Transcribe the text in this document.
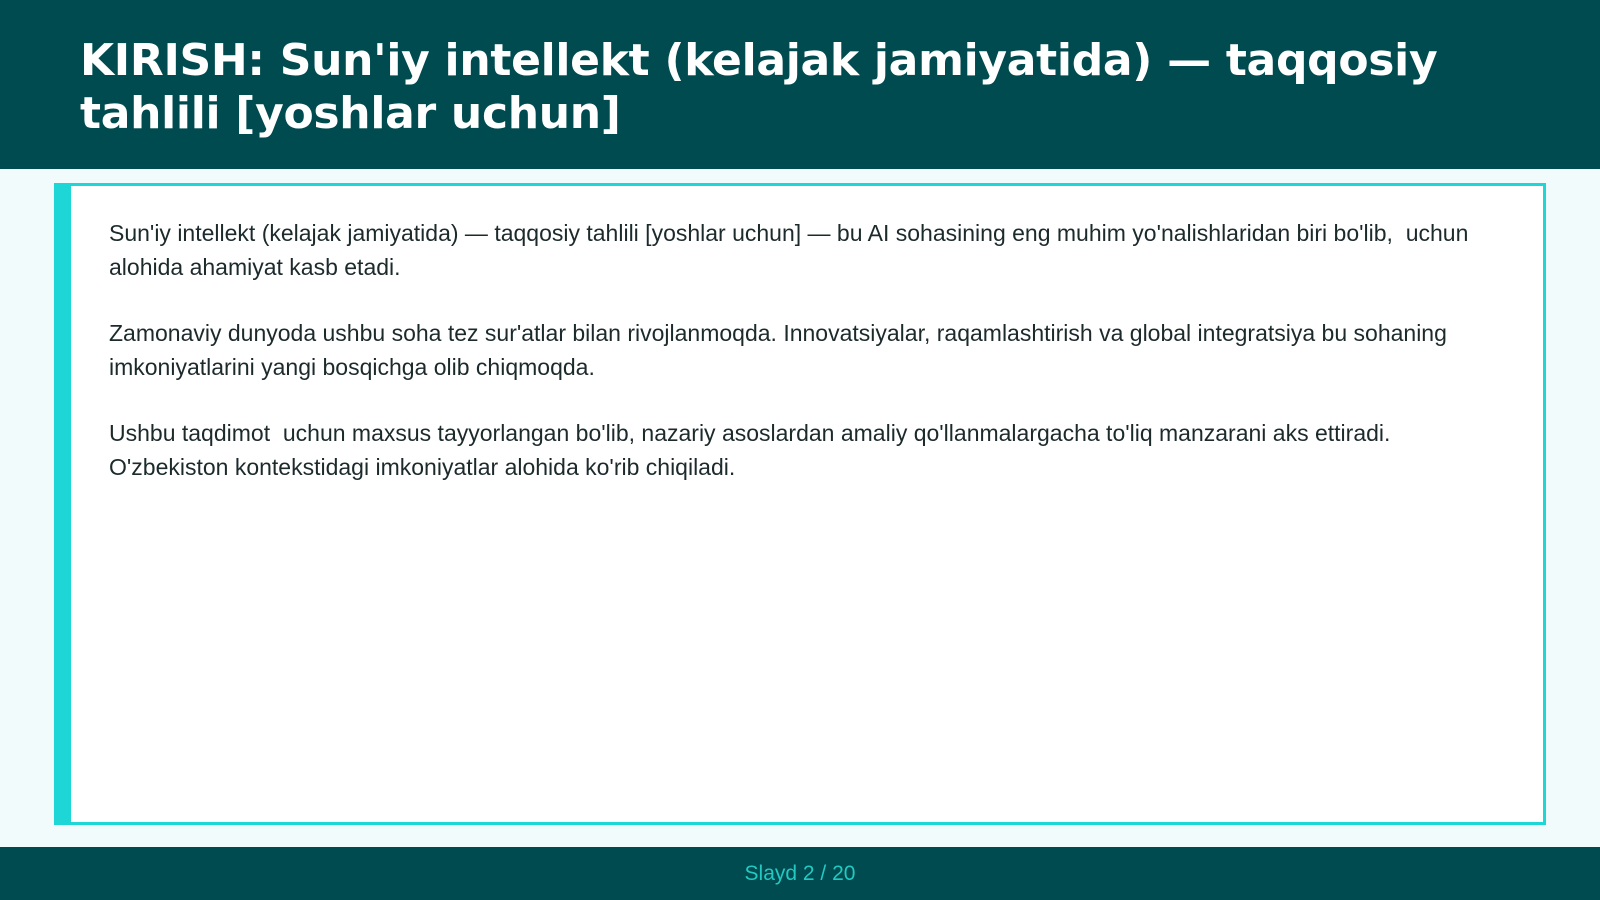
KIRISH: Sun'iy intellekt (kelajak jamiyatida) — taqqosiy tahlili [yoshlar uchun]

Sun'iy intellekt (kelajak jamiyatida) — taqqosiy tahlili [yoshlar uchun] — bu AI sohasining eng muhim yo'nalishlaridan biri bo'lib,  uchun alohida ahamiyat kasb etadi.

Zamonaviy dunyoda ushbu soha tez sur'atlar bilan rivojlanmoqda. Innovatsiyalar, raqamlashtirish va global integratsiya bu sohaning imkoniyatlarini yangi bosqichga olib chiqmoqda.

Ushbu taqdimot  uchun maxsus tayyorlangan bo'lib, nazariy asoslardan amaliy qo'llanmalargacha to'liq manzarani aks ettiradi. O'zbekiston kontekstidagi imkoniyatlar alohida ko'rib chiqiladi.

Slayd 2 / 20
